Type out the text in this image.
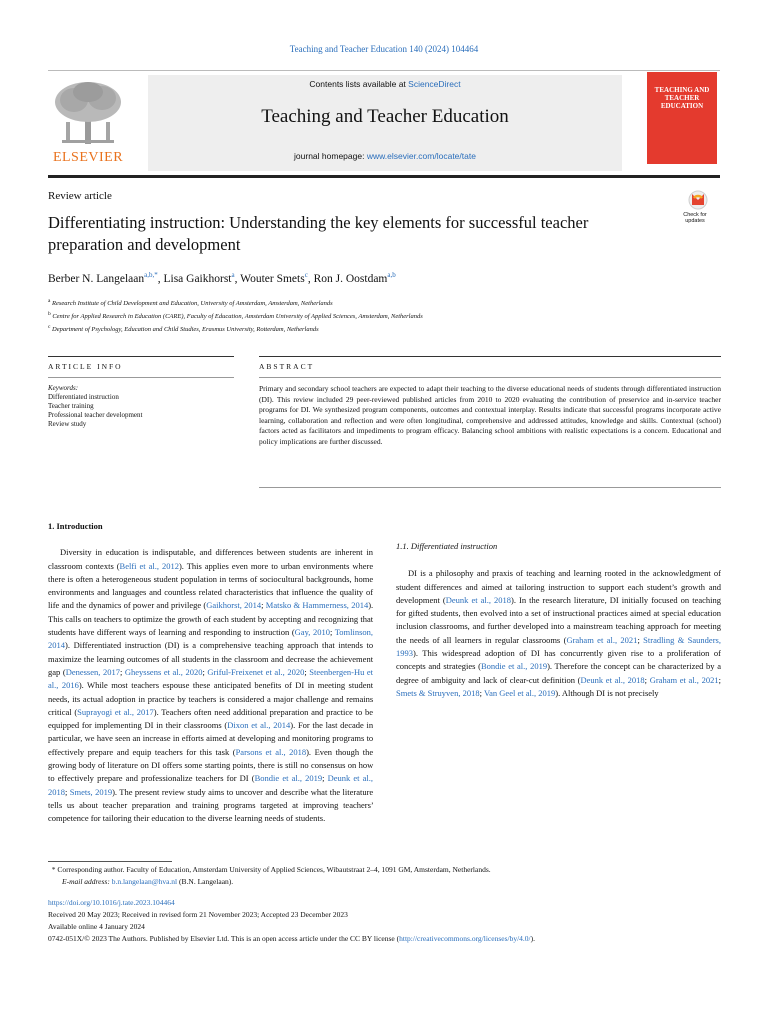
Teaching and Teacher Education 140 (2024) 104464
ELSEVIER
Contents lists available at ScienceDirect
Teaching and Teacher Education
journal homepage: www.elsevier.com/locate/tate
TEACHING AND TEACHER EDUCATION
Review article
Differentiating instruction: Understanding the key elements for successful teacher preparation and development
Check for updates
Berber N. Langelaan$^{a,b,*}$, Lisa Gaikhorst$^a$, Wouter Smets$^c$, Ron J. Oostdam$^{a,b}$
$^a$ Research Institute of Child Development and Education, University of Amsterdam, Amsterdam, Netherlands
$^b$ Centre for Applied Research in Education (CARE), Faculty of Education, Amsterdam University of Applied Sciences, Amsterdam, Netherlands
$^c$ Department of Psychology, Education and Child Studies, Erasmus University, Rotterdam, Netherlands
ARTICLE INFO	ABSTRACT
Keywords:
Differentiated instruction
Teacher training
Professional teacher development
Review study
Primary and secondary school teachers are expected to adapt their teaching to the diverse educational needs of students through differentiated instruction (DI). This review included 29 peer-reviewed published articles from 2010 to 2020 evaluating the contribution of preservice and in-service teacher programs for DI. We synthesized program components, outcomes and contextual interplay. Results indicate that successful programs incorporate active learning, collaboration and reflection and were often longitudinal, comprehensive and addressed attitudes, knowledge and skills. Contextual (school) factors acted as facilitators and impediments to program efficacy. Balancing school ambitions with realistic expectations is a concern. Educational and policy implications are further discussed.
1. Introduction

Diversity in education is indisputable, and differences between students are inherent in classroom contexts (Belfi et al., 2012). This applies even more to urban environments where there is often a heterogeneous student population in terms of sociocultural backgrounds, home environments and languages and countless related characteristics that influence the quality of life and the dynamics of power and privilege (Gaikhorst, 2014; Matsko & Hammerness, 2014). This calls on teachers to optimize the growth of each student by accepting and recognizing that students have different ways of learning and responding to instruction (Gay, 2010; Tomlinson, 2014). Differentiated instruction (DI) is a comprehensive teaching approach that intends to maximize the learning outcomes of all students in the classroom and decrease the achievement gap (Denessen, 2017; Gheyssens et al., 2020; Griful-Freixenet et al., 2020; Steenbergen-Hu et al., 2016). While most teachers espouse these anticipated benefits of DI in meeting student needs, its actual adoption in practice by teachers is considered a major challenge and remains critical (Suprayogi et al., 2017). Teachers often need additional preparation and practice to be equipped for implementing DI in their classrooms (Dixon et al., 2014). For the last decade in particular, we have seen an increase in efforts aimed at developing and monitoring programs to effectively prepare and equip teachers for this task (Parsons et al., 2018). Even though the growing body of literature on DI offers some starting points, there is still no consensus on how to effectively prepare and professionalize teachers for DI (Bondie et al., 2019; Deunk et al., 2018; Smets, 2019). The present review study aims to uncover and describe what the literature tells us about teacher preparation and training programs targeted at improving teachers’ competence for tailoring their education to the diverse learning needs of students.

1.1. Differentiated instruction

DI is a philosophy and praxis of teaching and learning rooted in the acknowledgment of student differences and aimed at tailoring instruction to support each student’s growth and development (Deunk et al., 2018). In the research literature, DI initially focused on teaching for gifted students, then evolved into a set of instructional practices aimed at special education inclusion classrooms, and further developed into a mainstream teaching approach for meeting the needs of all learners in regular classrooms (Graham et al., 2021; Stradling & Saunders, 1993). This widespread adoption of DI has concurrently given rise to a proliferation of concepts and strategies (Bondie et al., 2019). Therefore the concept can be characterized by a degree of ambiguity and lack of clear-cut definition (Deunk et al., 2018; Graham et al., 2021; Smets & Struyven, 2018; Van Geel et al., 2019). Although DI is not precisely

* Corresponding author. Faculty of Education, Amsterdam University of Applied Sciences, Wibautstraat 2–4, 1091 GM, Amsterdam, Netherlands.
E-mail address: b.n.langelaan@hva.nl (B.N. Langelaan).
https://doi.org/10.1016/j.tate.2023.104464
Received 20 May 2023; Received in revised form 21 November 2023; Accepted 23 December 2023
Available online 4 January 2024
0742-051X/© 2023 The Authors. Published by Elsevier Ltd. This is an open access article under the CC BY license (http://creativecommons.org/licenses/by/4.0/).
